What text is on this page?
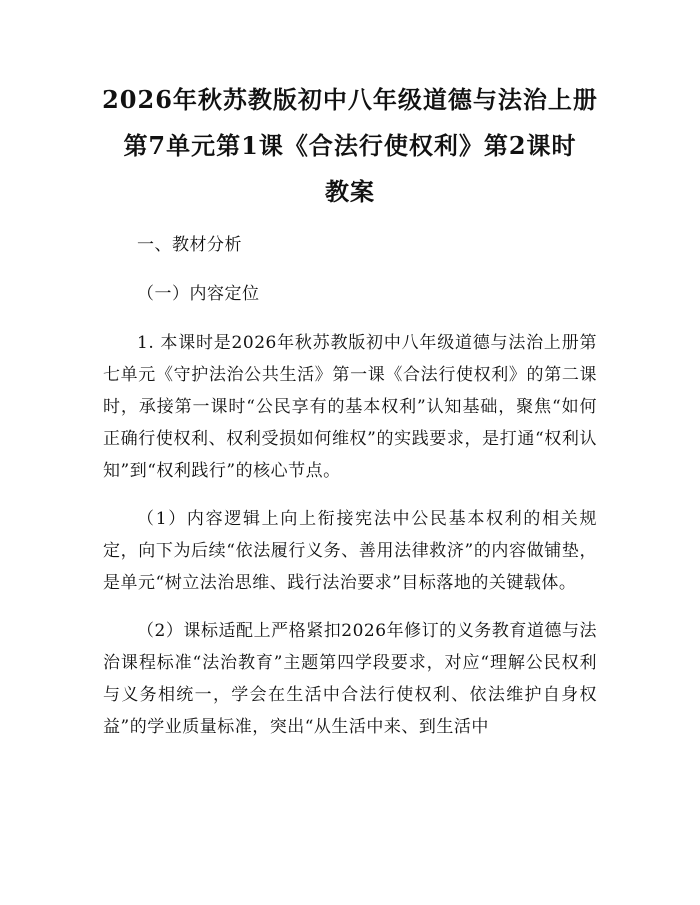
2026年秋苏教版初中八年级道德与法治上册

第7单元第1课《合法行使权利》第2课时

教案

一、教材分析

（一）内容定位

1. 本课时是2026年秋苏教版初中八年级道德与法治上册第七单元《守护法治公共生活》第一课《合法行使权利》的第二课时，承接第一课时“公民享有的基本权利”认知基础，聚焦“如何正确行使权利、权利受损如何维权”的实践要求，是打通“权利认知”到“权利践行”的核心节点。

（1）内容逻辑上向上衔接宪法中公民基本权利的相关规定，向下为后续“依法履行义务、善用法律救济”的内容做铺垫，是单元“树立法治思维、践行法治要求”目标落地的关键载体。

（2）课标适配上严格紧扣2026年修订的义务教育道德与法治课程标准“法治教育”主题第四学段要求，对应“理解公民权利与义务相统一，学会在生活中合法行使权利、依法维护自身权益”的学业质量标准，突出“从生活中来、到生活中
